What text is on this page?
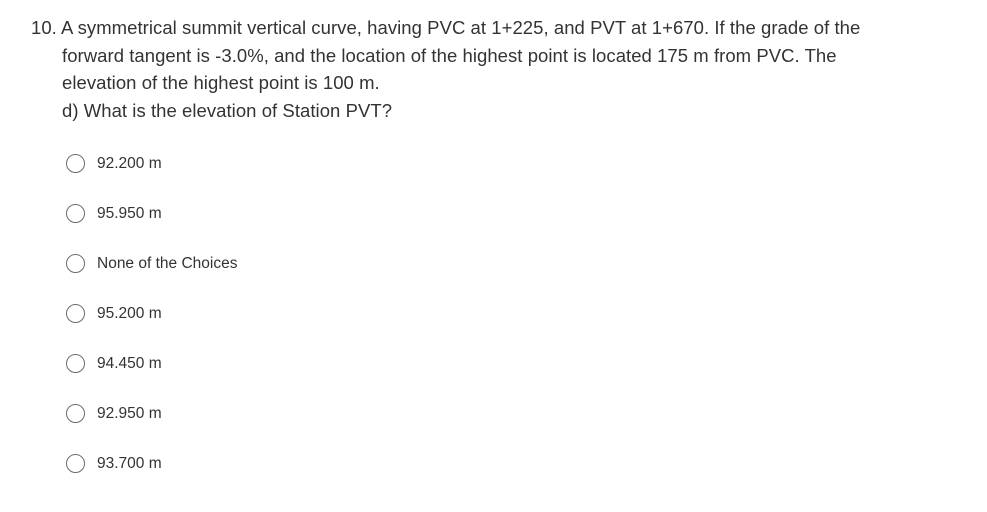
10. A symmetrical summit vertical curve, having PVC at 1+225, and PVT at 1+670. If the grade of the
forward tangent is -3.0%, and the location of the highest point is located 175 m from PVC. The
elevation of the highest point is 100 m.
d) What is the elevation of Station PVT?
92.200 m
95.950 m
None of the Choices
95.200 m
94.450 m
92.950 m
93.700 m
